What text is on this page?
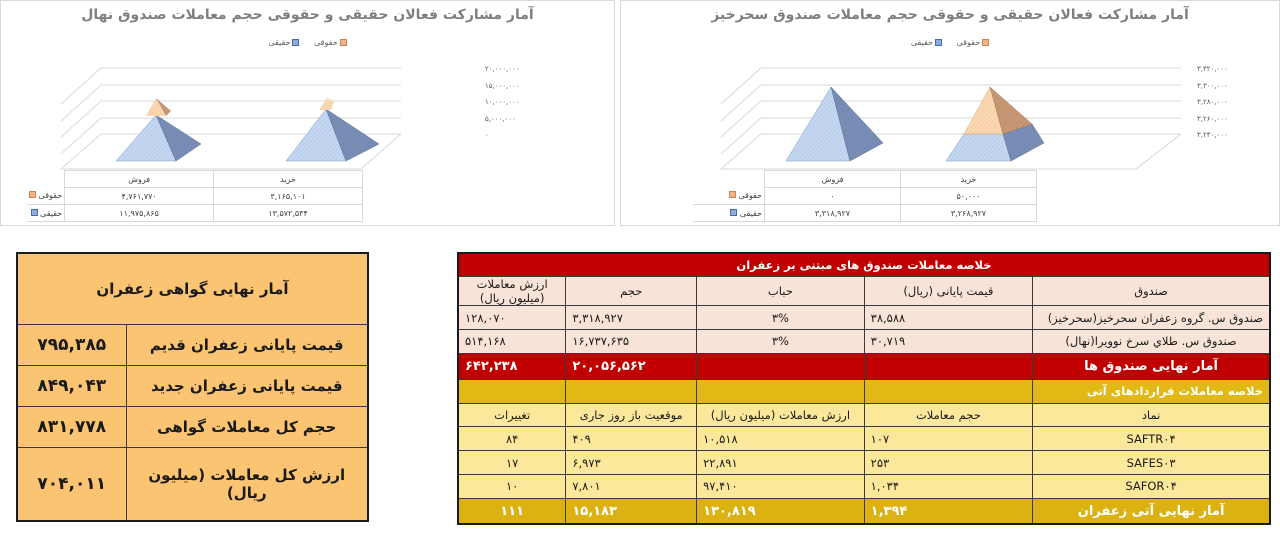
آمار مشارکت فعالان حقیقی و حقوقی حجم معاملات صندوق نهال
حقوقی

حقیقی
۲۰,۰۰۰,۰۰۰
۱۵,۰۰۰,۰۰۰
۱۰,۰۰۰,۰۰۰
۵,۰۰۰,۰۰۰
۰
خرید	فروش	
۳,۱۶۵,۱۰۱	۴,۷۶۱,۷۷۰	حقوقی
۱۳,۵۷۲,۵۳۴	۱۱,۹۷۵,۸۶۵	حقیقی
آمار مشارکت فعالان حقیقی و حقوقی حجم معاملات صندوق سحرخیز
حقوقی

حقیقی
۳,۳۲۰,۰۰۰
۳,۳۰۰,۰۰۰
۳,۲۸۰,۰۰۰
۳,۲۶۰,۰۰۰
۳,۲۴۰,۰۰۰
خرید	فروش	
۵۰,۰۰۰	۰	حقوقی
۳,۲۶۸,۹۲۷	۳,۳۱۸,۹۲۷	حقیقی
آمار نهایی گواهی زعفران	
قیمت پایانی زعفران قدیم	۷۹۵,۳۸۵
قیمت پایانی زعفران جدید	۸۴۹,۰۴۳
حجم کل معاملات گواهی	۸۳۱,۷۷۸
ارزش کل معاملات (میلیون ریال)	۷۰۴,۰۱۱
خلاصه معاملات صندوق های مبتنی بر زعفران				
صندوق	قیمت پایانی (ریال)	حباب	حجم	ارزش معاملات (میلیون ریال)
صندوق س. گروه زعفران سحرخیز(سحرخیز)	۳۸,۵۸۸	۳%	۳,۳۱۸,۹۲۷	۱۲۸,۰۷۰
صندوق س. طلاي سرخ نوويرا(نهال)	۳۰,۷۱۹	۳%	۱۶,۷۳۷,۶۳۵	۵۱۴,۱۶۸
آمار نهایی صندوق ها			۲۰,۰۵۶,۵۶۲	۶۴۲,۲۳۸
خلاصه معاملات قراردادهای آتی				
نماد	حجم معاملات	ارزش معاملات (میلیون ریال)	موقعیت باز روز جاری	تغییرات
SAFTR۰۴	۱۰۷	۱۰,۵۱۸	۴۰۹	۸۴
SAFES۰۳	۲۵۳	۲۲,۸۹۱	۶,۹۷۳	۱۷
SAFOR۰۴	۱,۰۳۴	۹۷,۴۱۰	۷,۸۰۱	۱۰
آمار نهایی آتی زعفران	۱,۳۹۴	۱۳۰,۸۱۹	۱۵,۱۸۳	۱۱۱
